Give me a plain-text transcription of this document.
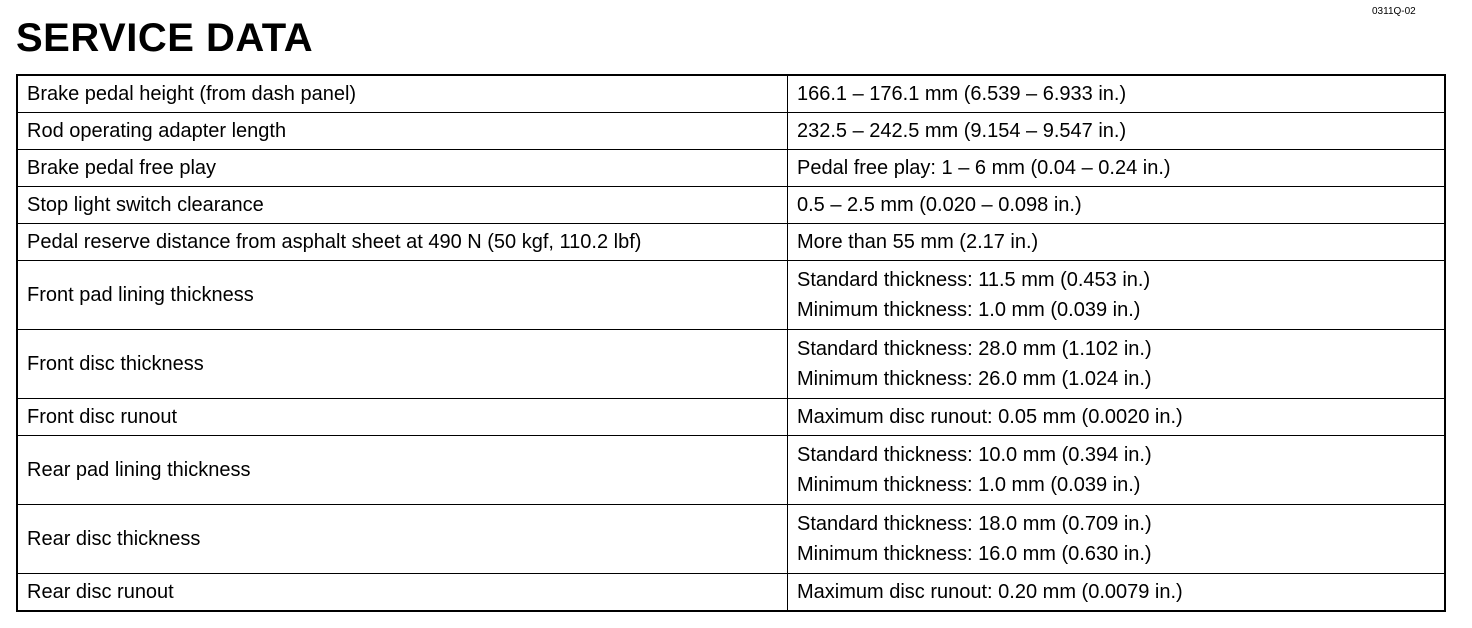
SERVICE DATA
0311Q-02
Brake pedal height (from dash panel)	166.1 – 176.1 mm (6.539 – 6.933 in.)

Rod operating adapter length	232.5 – 242.5 mm (9.154 – 9.547 in.)

Brake pedal free play	Pedal free play: 1 – 6 mm (0.04 – 0.24 in.)

Stop light switch clearance	0.5 – 2.5 mm (0.020 – 0.098 in.)

Pedal reserve distance from asphalt sheet at 490 N (50 kgf, 110.2 lbf)	More than 55 mm (2.17 in.)

Front pad lining thickness	Standard thickness: 11.5 mm (0.453 in.)
Minimum thickness: 1.0 mm (0.039 in.)

Front disc thickness	Standard thickness: 28.0 mm (1.102 in.)
Minimum thickness: 26.0 mm (1.024 in.)

Front disc runout	Maximum disc runout: 0.05 mm (0.0020 in.)

Rear pad lining thickness	Standard thickness: 10.0 mm (0.394 in.)
Minimum thickness: 1.0 mm (0.039 in.)

Rear disc thickness	Standard thickness: 18.0 mm (0.709 in.)
Minimum thickness: 16.0 mm (0.630 in.)

Rear disc runout	Maximum disc runout: 0.20 mm (0.0079 in.)
